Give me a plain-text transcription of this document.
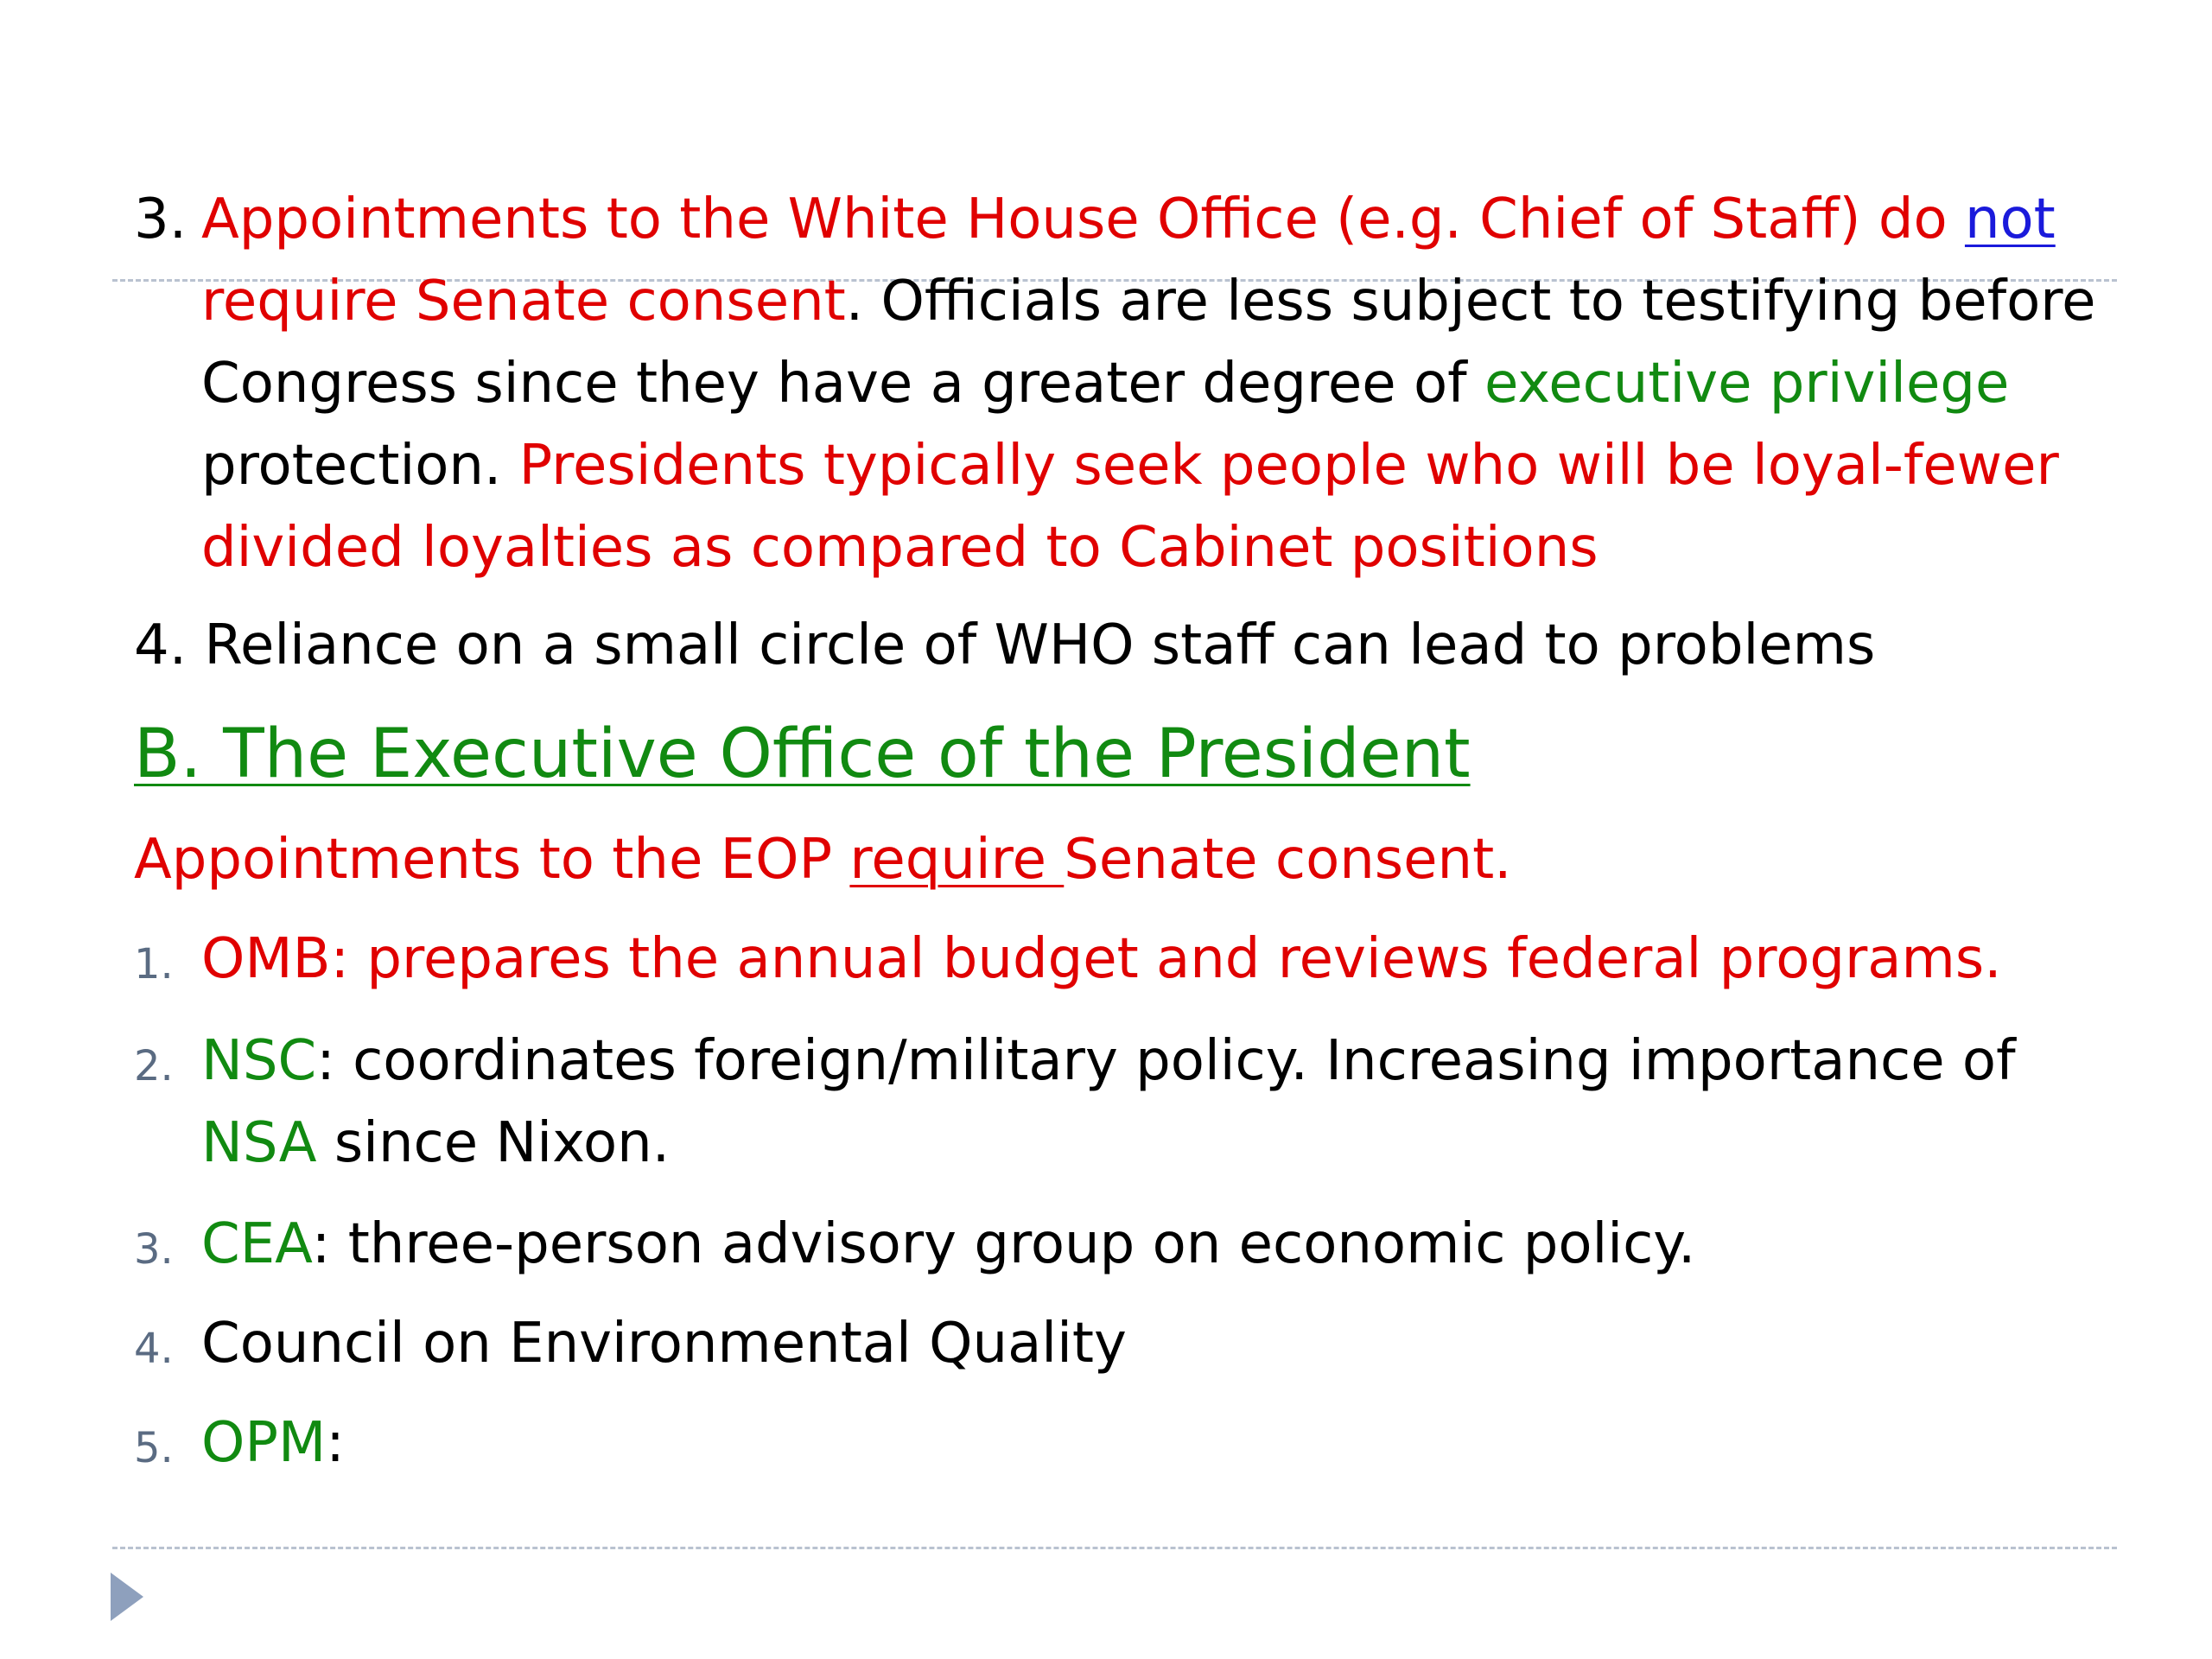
3. Appointments to the White House Office (e.g. Chief of Staff) do not
require Senate consent. Officials are less subject to testifying before
Congress since they have a greater degree of executive privilege
protection. Presidents typically seek people who will be loyal-fewer
divided loyalties as compared to Cabinet positions
4. Reliance on a small circle of WHO staff can lead to problems
B. The Executive Office of the President
Appointments to the EOP require Senate consent.
1. OMB: prepares the annual budget and reviews federal programs.
2. NSC: coordinates foreign/military policy. Increasing importance of
NSA since Nixon.
3. CEA: three-person advisory group on economic policy.
4. Council on Environmental Quality
5. OPM:
